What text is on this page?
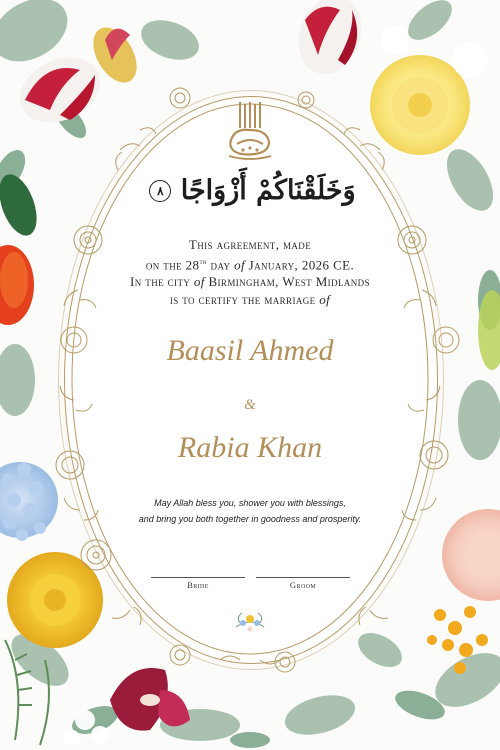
وَخَلَقْنَاكُمْ أَزْوَاجًا ٨
This agreement, made
on the 28th day of January, 2026 CE.
In the city of Birmingham, West Midlands
is to certify the marriage of
Baasil Ahmed
&
Rabia Khan
May Allah bless you, shower you with blessings,
and bring you both together in goodness and prosperity.
Bride	Groom
